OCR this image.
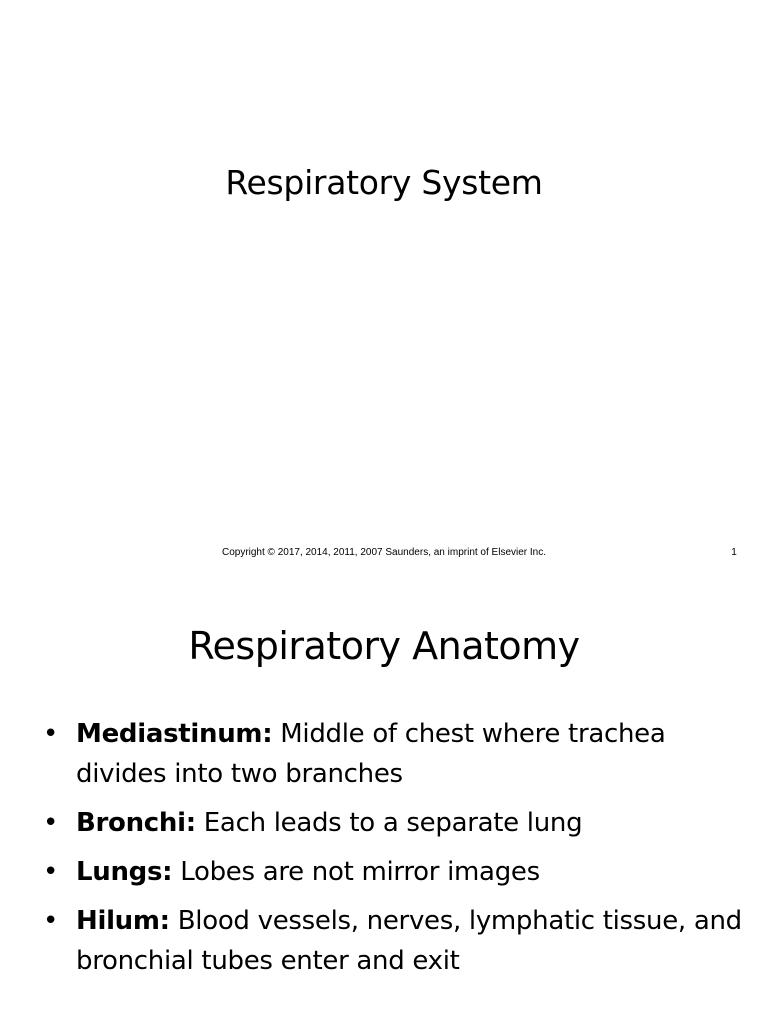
Respiratory System
Copyright © 2017, 2014, 2011, 2007 Saunders, an imprint of Elsevier Inc.	1
Respiratory Anatomy
• Mediastinum: Middle of chest where trachea divides into two branches
• Bronchi: Each leads to a separate lung
• Lungs: Lobes are not mirror images
• Hilum: Blood vessels, nerves, lymphatic tissue, and bronchial tubes enter and exit
